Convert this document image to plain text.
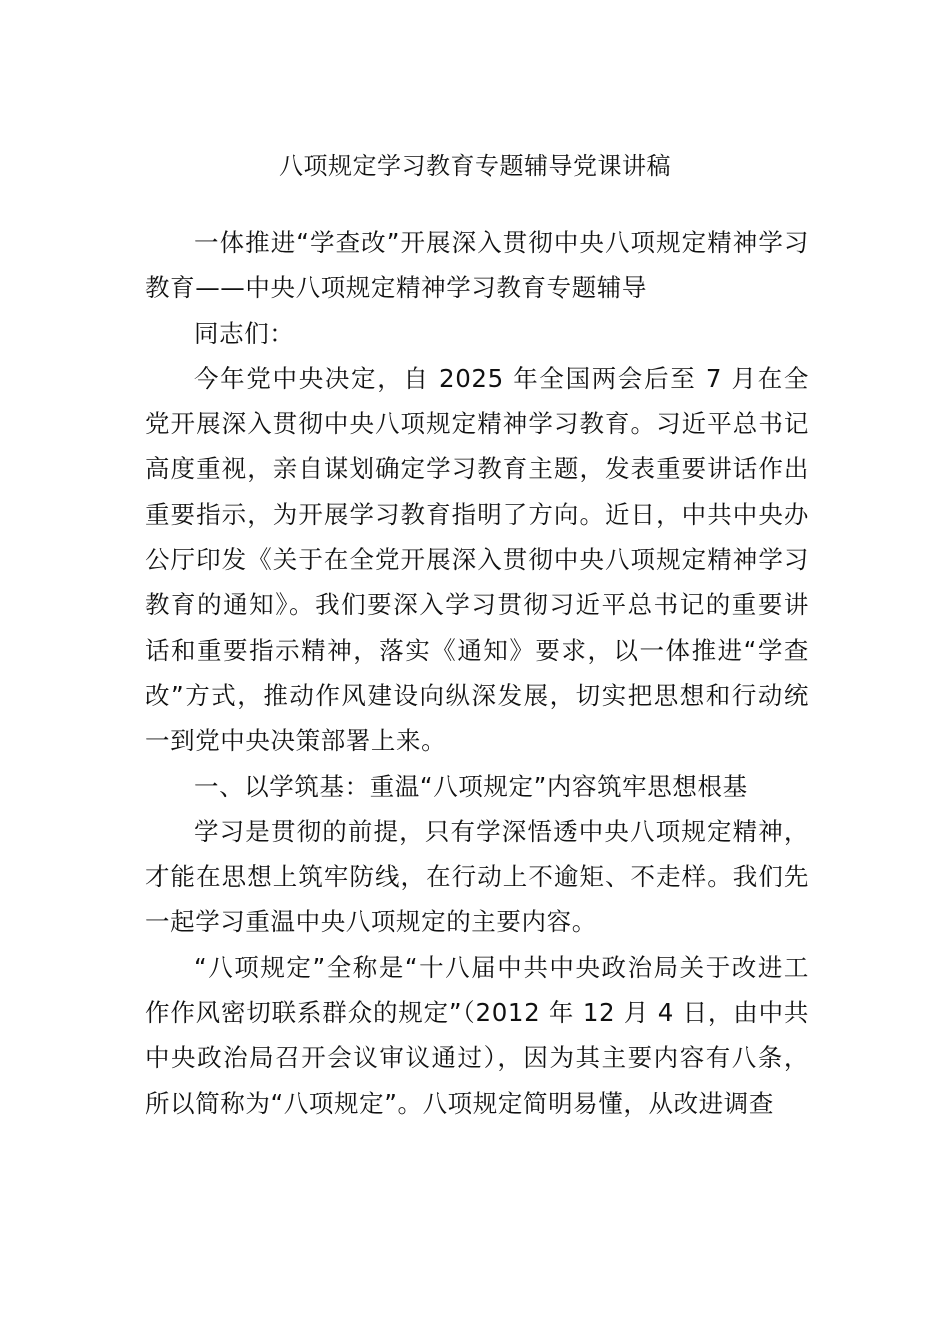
八项规定学习教育专题辅导党课讲稿

一体推进“学查改”开展深入贯彻中央八项规定精神学习教育——中央八项规定精神学习教育专题辅导

同志们：

今年党中央决定，自 2025 年全国两会后至 7 月在全党开展深入贯彻中央八项规定精神学习教育。习近平总书记高度重视，亲自谋划确定学习教育主题，发表重要讲话作出重要指示，为开展学习教育指明了方向。近日，中共中央办公厅印发《关于在全党开展深入贯彻中央八项规定精神学习教育的通知》。我们要深入学习贯彻习近平总书记的重要讲话和重要指示精神，落实《通知》要求，以一体推进“学查改”方式，推动作风建设向纵深发展，切实把思想和行动统一到党中央决策部署上来。

一、以学筑基：重温“八项规定”内容筑牢思想根基

学习是贯彻的前提，只有学深悟透中央八项规定精神，才能在思想上筑牢防线，在行动上不逾矩、不走样。我们先一起学习重温中央八项规定的主要内容。

“八项规定”全称是“十八届中共中央政治局关于改进工作作风密切联系群众的规定”（2012 年 12 月 4 日，由中共中央政治局召开会议审议通过），因为其主要内容有八条，所以简称为“八项规定”。八项规定简明易懂，从改进调查
